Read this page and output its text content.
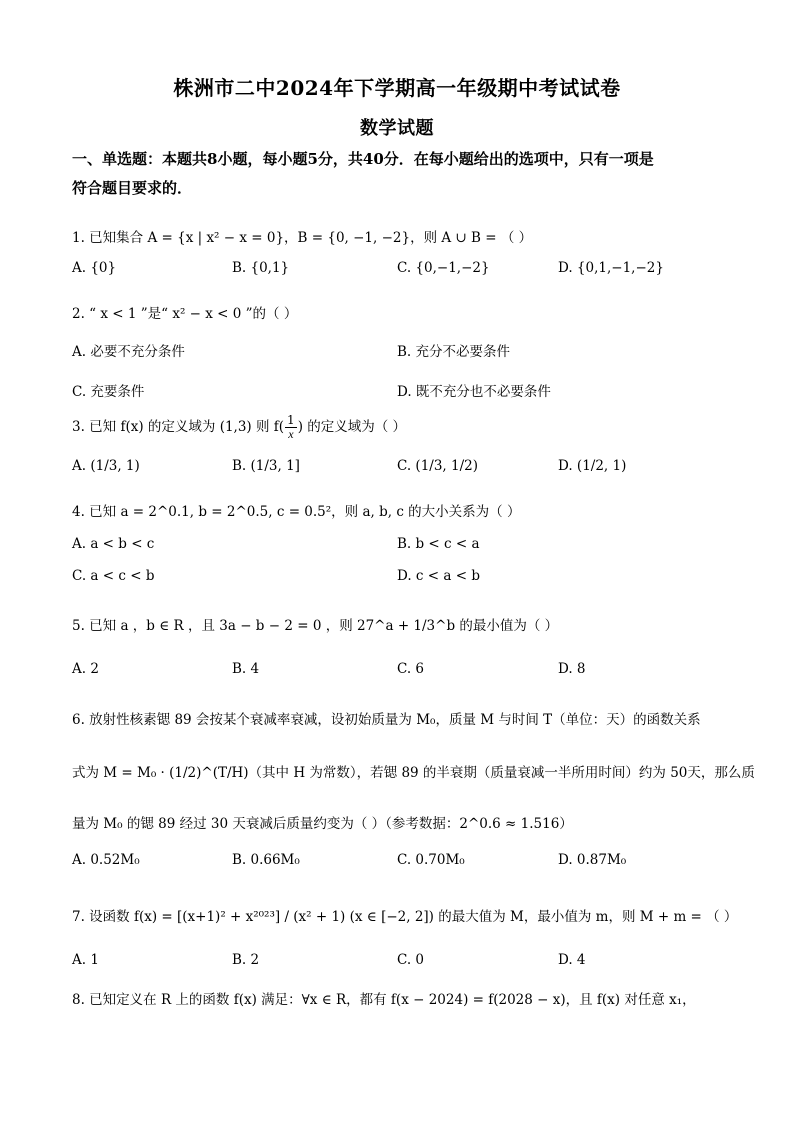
株洲市二中2024年下学期高一年级期中考试试卷
数学试题
一、单选题：本题共8小题，每小题5分，共40分．在每小题给出的选项中，只有一项是
符合题目要求的．
1. 已知集合 A = {x | x² − x = 0}，B = {0, −1, −2}，则 A ∪ B = （ ）
A. {0}	B. {0,1}	C. {0,−1,−2}	D. {0,1,−1,−2}
2. “ x < 1 ”是“ x² − x < 0 ”的（ ）
A. 必要不充分条件	B. 充分不必要条件
C. 充要条件	D. 既不充分也不必要条件
3. 已知 f(x) 的定义域为 (1,3) 则 $f( \frac{1}{x}$ ) 的定义域为（ ）
A. (1/3, 1)	B. (1/3, 1]	C. (1/3, 1/2)	D. (1/2, 1)
4. 已知 a = 2^0.1, b = 2^0.5, c = 0.5²，则 a, b, c 的大小关系为（ ）
A. a < b < c	B. b < c < a
C. a < c < b	D. c < a < b
5. 已知 a ，b ∈ R ，且 3a − b − 2 = 0 ，则 27^a + 1/3^b 的最小值为（ ）
A. 2	B. 4	C. 6	D. 8
6. 放射性核素锶 89 会按某个衰减率衰减，设初始质量为 M₀，质量 M 与时间 T（单位：天）的函数关系
式为 M = M₀ · (1/2)^(T/H)（其中 H 为常数），若锶 89 的半衰期（质量衰减一半所用时间）约为 50天，那么质
量为 M₀ 的锶 89 经过 30 天衰减后质量约变为（ ）（参考数据：2^0.6 ≈ 1.516）
A. 0.52M₀	B. 0.66M₀	C. 0.70M₀	D. 0.87M₀
7. 设函数 f(x) = [(x+1)² + x²⁰²³] / (x² + 1) (x ∈ [−2, 2]) 的最大值为 M，最小值为 m，则 M + m = （ ）
A. 1	B. 2	C. 0	D. 4
8. 已知定义在 R 上的函数 f(x) 满足：∀x ∈ R，都有 f(x − 2024) = f(2028 − x)，且 f(x) 对任意 x₁，
